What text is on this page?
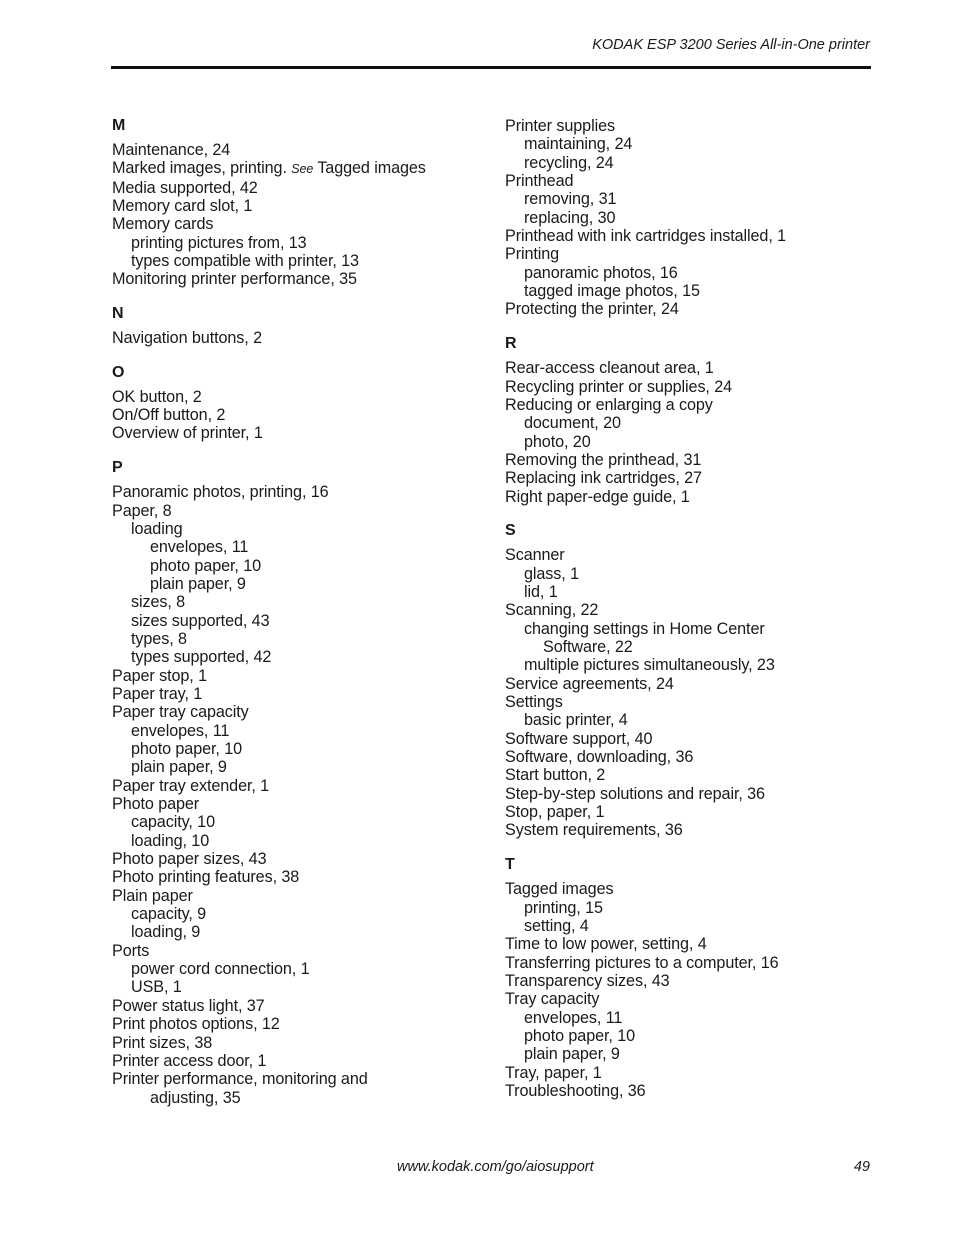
KODAK ESP 3200 Series All-in-One printer
M
Maintenance, 24
Marked images, printing. See Tagged images
Media supported, 42
Memory card slot, 1
Memory cards
printing pictures from, 13
types compatible with printer, 13
Monitoring printer performance, 35
N
Navigation buttons, 2
O
OK button, 2
On/Off button, 2
Overview of printer, 1
P
Panoramic photos, printing, 16
Paper, 8
loading
envelopes, 11
photo paper, 10
plain paper, 9
sizes, 8
sizes supported, 43
types, 8
types supported, 42
Paper stop, 1
Paper tray, 1
Paper tray capacity
envelopes, 11
photo paper, 10
plain paper, 9
Paper tray extender, 1
Photo paper
capacity, 10
loading, 10
Photo paper sizes, 43
Photo printing features, 38
Plain paper
capacity, 9
loading, 9
Ports
power cord connection, 1
USB, 1
Power status light, 37
Print photos options, 12
Print sizes, 38
Printer access door, 1
Printer performance, monitoring and
adjusting, 35
Printer supplies
maintaining, 24
recycling, 24
Printhead
removing, 31
replacing, 30
Printhead with ink cartridges installed, 1
Printing
panoramic photos, 16
tagged image photos, 15
Protecting the printer, 24
R
Rear-access cleanout area, 1
Recycling printer or supplies, 24
Reducing or enlarging a copy
document, 20
photo, 20
Removing the printhead, 31
Replacing ink cartridges, 27
Right paper-edge guide, 1
S
Scanner
glass, 1
lid, 1
Scanning, 22
changing settings in Home Center
Software, 22
multiple pictures simultaneously, 23
Service agreements, 24
Settings
basic printer, 4
Software support, 40
Software, downloading, 36
Start button, 2
Step-by-step solutions and repair, 36
Stop, paper, 1
System requirements, 36
T
Tagged images
printing, 15
setting, 4
Time to low power, setting, 4
Transferring pictures to a computer, 16
Transparency sizes, 43
Tray capacity
envelopes, 11
photo paper, 10
plain paper, 9
Tray, paper, 1
Troubleshooting, 36
www.kodak.com/go/aiosupport	49
